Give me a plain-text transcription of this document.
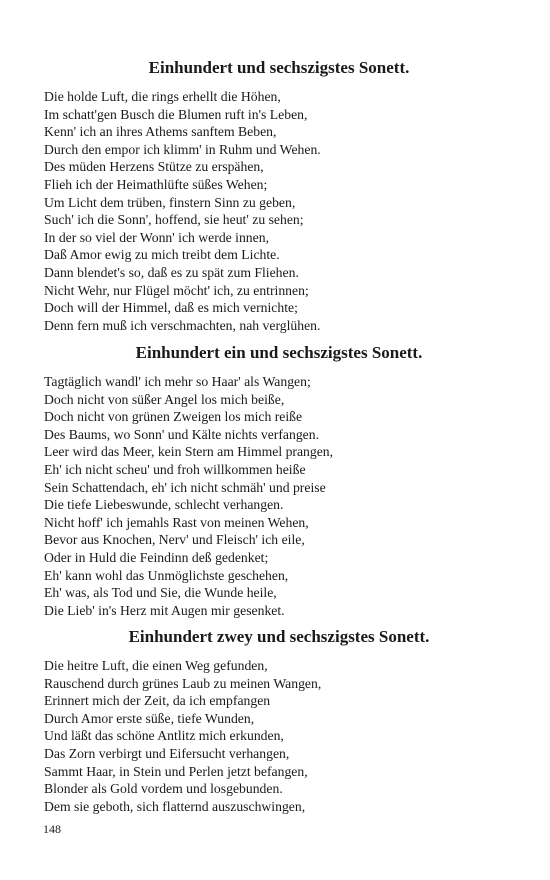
Einhundert und sechszigstes Sonett.
Die holde Luft, die rings erhellt die Höhen,
Im schatt'gen Busch die Blumen ruft in's Leben,
Kenn' ich an ihres Athems sanftem Beben,
Durch den empor ich klimm' in Ruhm und Wehen.
Des müden Herzens Stütze zu erspähen,
Flieh ich der Heimathlüfte süßes Wehen;
Um Licht dem trüben, finstern Sinn zu geben,
Such' ich die Sonn', hoffend, sie heut' zu sehen;
In der so viel der Wonn' ich werde innen,
Daß Amor ewig zu mich treibt dem Lichte.
Dann blendet's so, daß es zu spät zum Fliehen.
Nicht Wehr, nur Flügel möcht' ich, zu entrinnen;
Doch will der Himmel, daß es mich vernichte;
Denn fern muß ich verschmachten, nah verglühen.
Einhundert ein und sechszigstes Sonett.
Tagtäglich wandl' ich mehr so Haar' als Wangen;
Doch nicht von süßer Angel los mich beiße,
Doch nicht von grünen Zweigen los mich reiße
Des Baums, wo Sonn' und Kälte nichts verfangen.
Leer wird das Meer, kein Stern am Himmel prangen,
Eh' ich nicht scheu' und froh willkommen heiße
Sein Schattendach, eh' ich nicht schmäh' und preise
Die tiefe Liebeswunde, schlecht verhangen.
Nicht hoff' ich jemahls Rast von meinen Wehen,
Bevor aus Knochen, Nerv' und Fleisch' ich eile,
Oder in Huld die Feindinn deß gedenket;
Eh' kann wohl das Unmöglichste geschehen,
Eh' was, als Tod und Sie, die Wunde heile,
Die Lieb' in's Herz mit Augen mir gesenket.
Einhundert zwey und sechszigstes Sonett.
Die heitre Luft, die einen Weg gefunden,
Rauschend durch grünes Laub zu meinen Wangen,
Erinnert mich der Zeit, da ich empfangen
Durch Amor erste süße, tiefe Wunden,
Und läßt das schöne Antlitz mich erkunden,
Das Zorn verbirgt und Eifersucht verhangen,
Sammt Haar, in Stein und Perlen jetzt befangen,
Blonder als Gold vordem und losgebunden.
Dem sie geboth, sich flatternd auszuschwingen,
148
